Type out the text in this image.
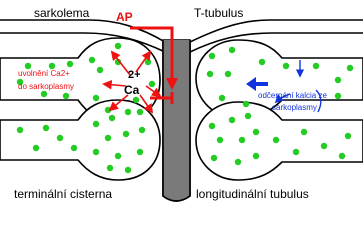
sarkolema AP	T-tubulus
uvolnění Ca2+
do sarkoplasmy	Ca
2+
odčerpání kalcia ze
sarkoplasmy
terminální cisterna	longitudinální tubulus
